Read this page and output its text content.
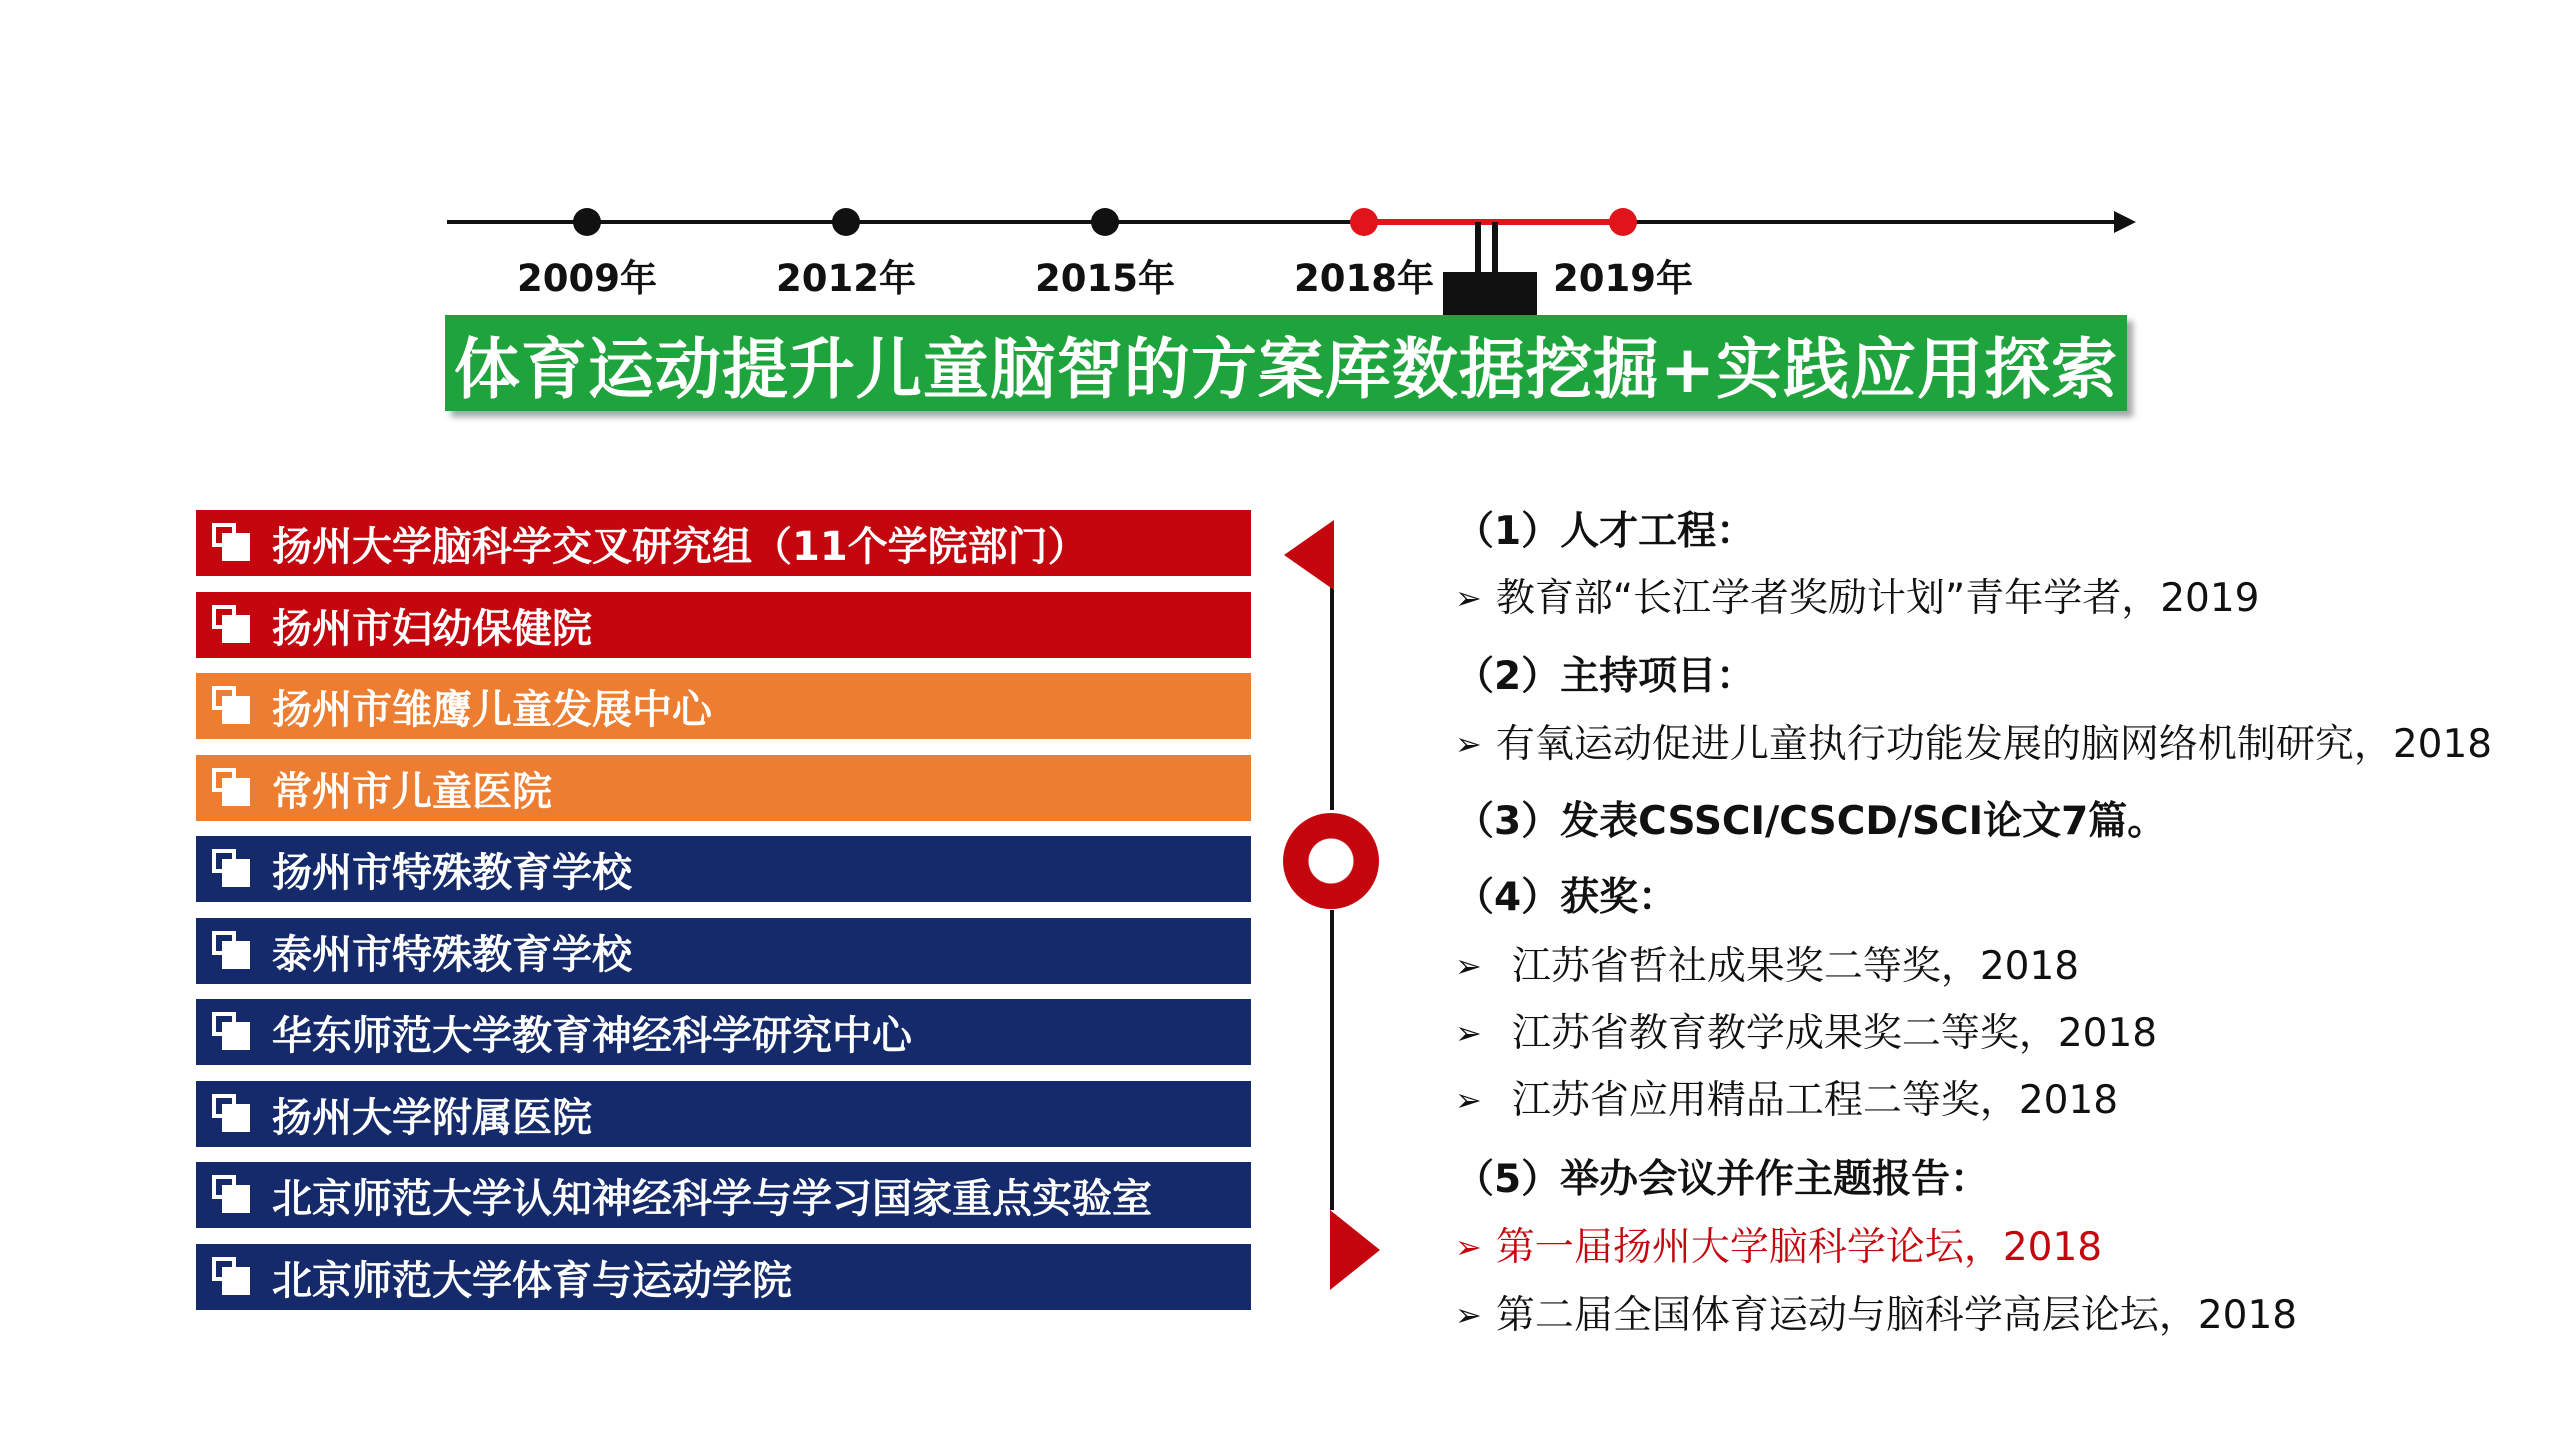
2009年	2012年	2015年	2018年	2019年
体育运动提升儿童脑智的方案库数据挖掘+实践应用探索
扬州大学脑科学交叉研究组（11个学院部门）
扬州市妇幼保健院
扬州市雏鹰儿童发展中心
常州市儿童医院
扬州市特殊教育学校
泰州市特殊教育学校
华东师范大学教育神经科学研究中心
扬州大学附属医院
北京师范大学认知神经科学与学习国家重点实验室
北京师范大学体育与运动学院
（1）人才工程：
➢ 教育部“长江学者奖励计划”青年学者，2019
（2）主持项目：
➢ 有氧运动促进儿童执行功能发展的脑网络机制研究，2018
（3）发表CSSCI/CSCD/SCI论文7篇。
（4）获奖：
➢ 江苏省哲社成果奖二等奖，2018
➢ 江苏省教育教学成果奖二等奖，2018
➢ 江苏省应用精品工程二等奖，2018
（5）举办会议并作主题报告：
➢ 第一届扬州大学脑科学论坛，2018
➢ 第二届全国体育运动与脑科学高层论坛，2018
